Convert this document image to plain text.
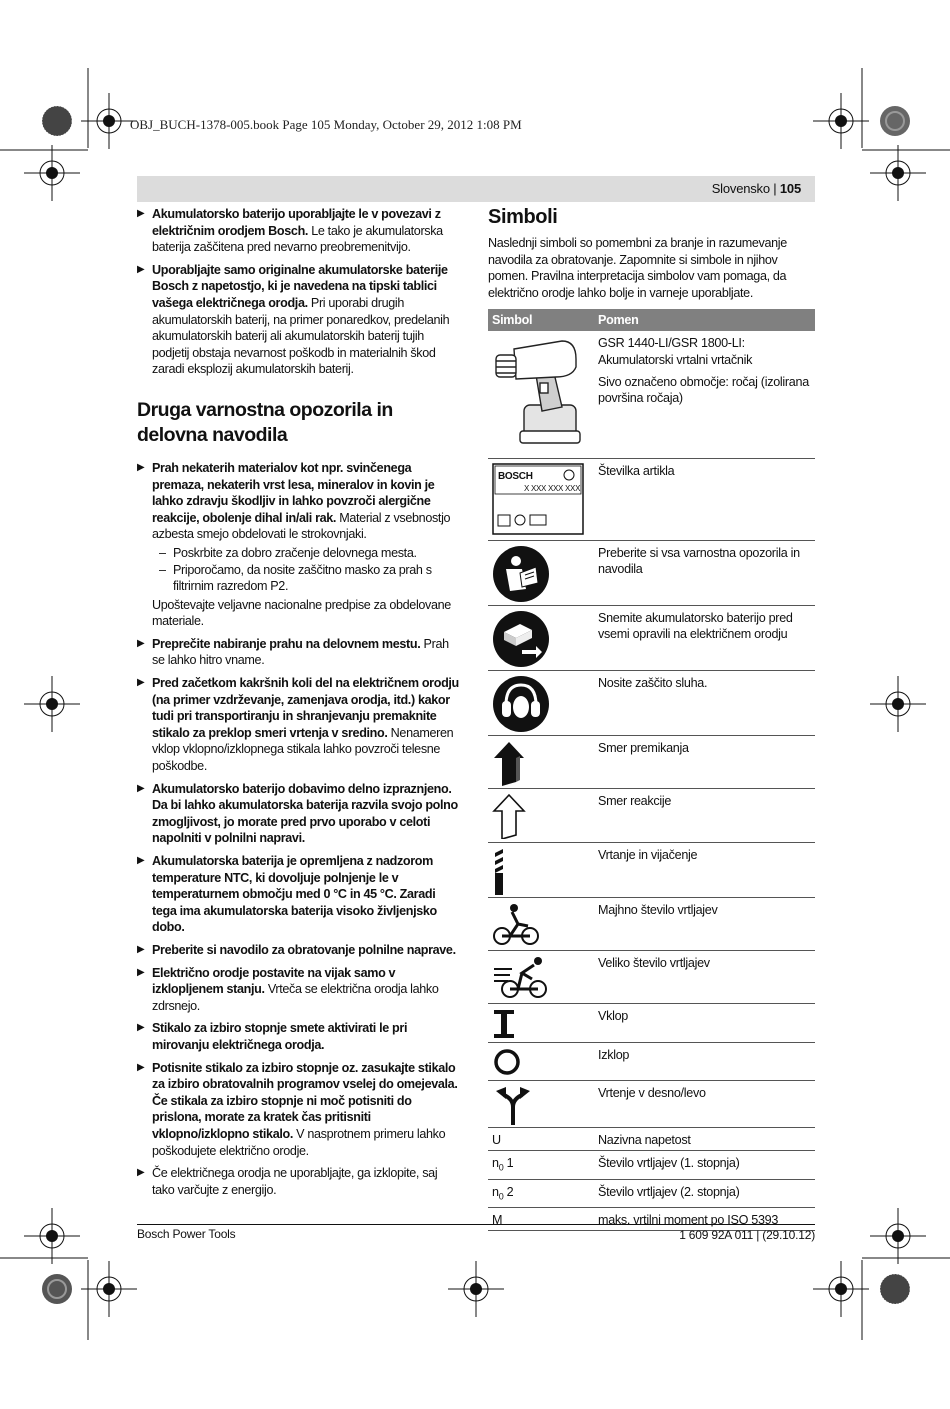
OBJ_BUCH-1378-005.book Page 105 Monday, October 29, 2012 1:08 PM
Slovensko | 105
▶ Akumulatorsko baterijo uporabljajte le v povezavi z električnim orodjem Bosch. Le tako je akumulatorska baterija zaščitena pred nevarno preobremenitvijo.
▶ Uporabljajte samo originalne akumulatorske baterije Bosch z napetostjo, ki je navedena na tipski tablici vašega električnega orodja. Pri uporabi drugih akumulatorskih baterij, na primer ponaredkov, predelanih akumulatorskih baterij ali akumulatorskih baterij tujih podjetij obstaja nevarnost poškodb in materialnih škod zaradi eksplozij akumulatorskih baterij.
Druga varnostna opozorila in delovna navodila
▶ Prah nekaterih materialov kot npr. svinčenega premaza, nekaterih vrst lesa, mineralov in kovin je lahko zdravju škodljiv in lahko povzroči alergične reakcije, obolenje dihal in/ali rak. Material z vsebnostjo azbesta smejo obdelovati le strokovnjaki.
– Poskrbite za dobro zračenje delovnega mesta.
– Priporočamo, da nosite zaščitno masko za prah s filtrirnim razredom P2.
Upoštevajte veljavne nacionalne predpise za obdelovane materiale.
▶ Preprečite nabiranje prahu na delovnem mestu. Prah se lahko hitro vname.
▶ Pred začetkom kakršnih koli del na električnem orodju (na primer vzdrževanje, zamenjava orodja, itd.) kakor tudi pri transportiranju in shranjevanju premaknite stikalo za preklop smeri vrtenja v sredino. Nenameren vklop vklopno/izklopnega stikala lahko povzroči telesne poškodbe.
▶ Akumulatorsko baterijo dobavimo delno izpraznjeno. Da bi lahko akumulatorska baterija razvila svojo polno zmogljivost, jo morate pred prvo uporabo v celoti napolniti v polnilni napravi.
▶ Akumulatorska baterija je opremljena z nadzorom temperature NTC, ki dovoljuje polnjenje le v temperaturnem območju med 0 °C in 45 °C. Zaradi tega ima akumulatorska baterija visoko življenjsko dobo.
▶ Preberite si navodilo za obratovanje polnilne naprave.
▶ Električno orodje postavite na vijak samo v izklopljenem stanju. Vrteča se električna orodja lahko zdrsnejo.
▶ Stikalo za izbiro stopnje smete aktivirati le pri mirovanju električnega orodja.
▶ Potisnite stikalo za izbiro stopnje oz. zasukajte stikalo za izbiro obratovalnih programov vselej do omejevala. Če stikala za izbiro stopnje ni moč potisniti do prislona, morate za kratek čas pritisniti vklopno/izklopno stikalo. V nasprotnem primeru lahko poškodujete električno orodje.
▶ Če električnega orodja ne uporabljajte, ga izklopite, saj tako varčujte z energijo.
Simboli
Naslednji simboli so pomembni za branje in razumevanje navodila za obratovanje. Zapomnite si simbole in njihov pomen. Pravilna interpretacija simbolov vam pomaga, da električno orodje lahko bolje in varneje uporabljate.
Simbol	Pomen

GSR 1440-LI/GSR 1800-LI: Akumulatorski vrtalni vrtačnik
Sivo označeno območje: ročaj (izolirana površina ročaja)

BOSCH
X XXX XXX XXX	Številka artikla

	Preberite si vsa varnostna opozorila in navodila

	Snemite akumulatorsko baterijo pred vsemi opravili na električnem orodju

	Nosite zaščito sluha.

	Smer premikanja

	Smer reakcije

	Vrtanje in vijačenje

	Majhno število vrtljajev

	Veliko število vrtljajev

	Vklop

	Izklop

	Vrtenje v desno/levo
U	Nazivna napetost
$n_0$ 1	Število vrtljajev (1. stopnja)
$n_0$ 2	Število vrtljajev (2. stopnja)
M	maks. vrtilni moment po ISO 5393
Bosch Power Tools	1 609 92A 011 | (29.10.12)
